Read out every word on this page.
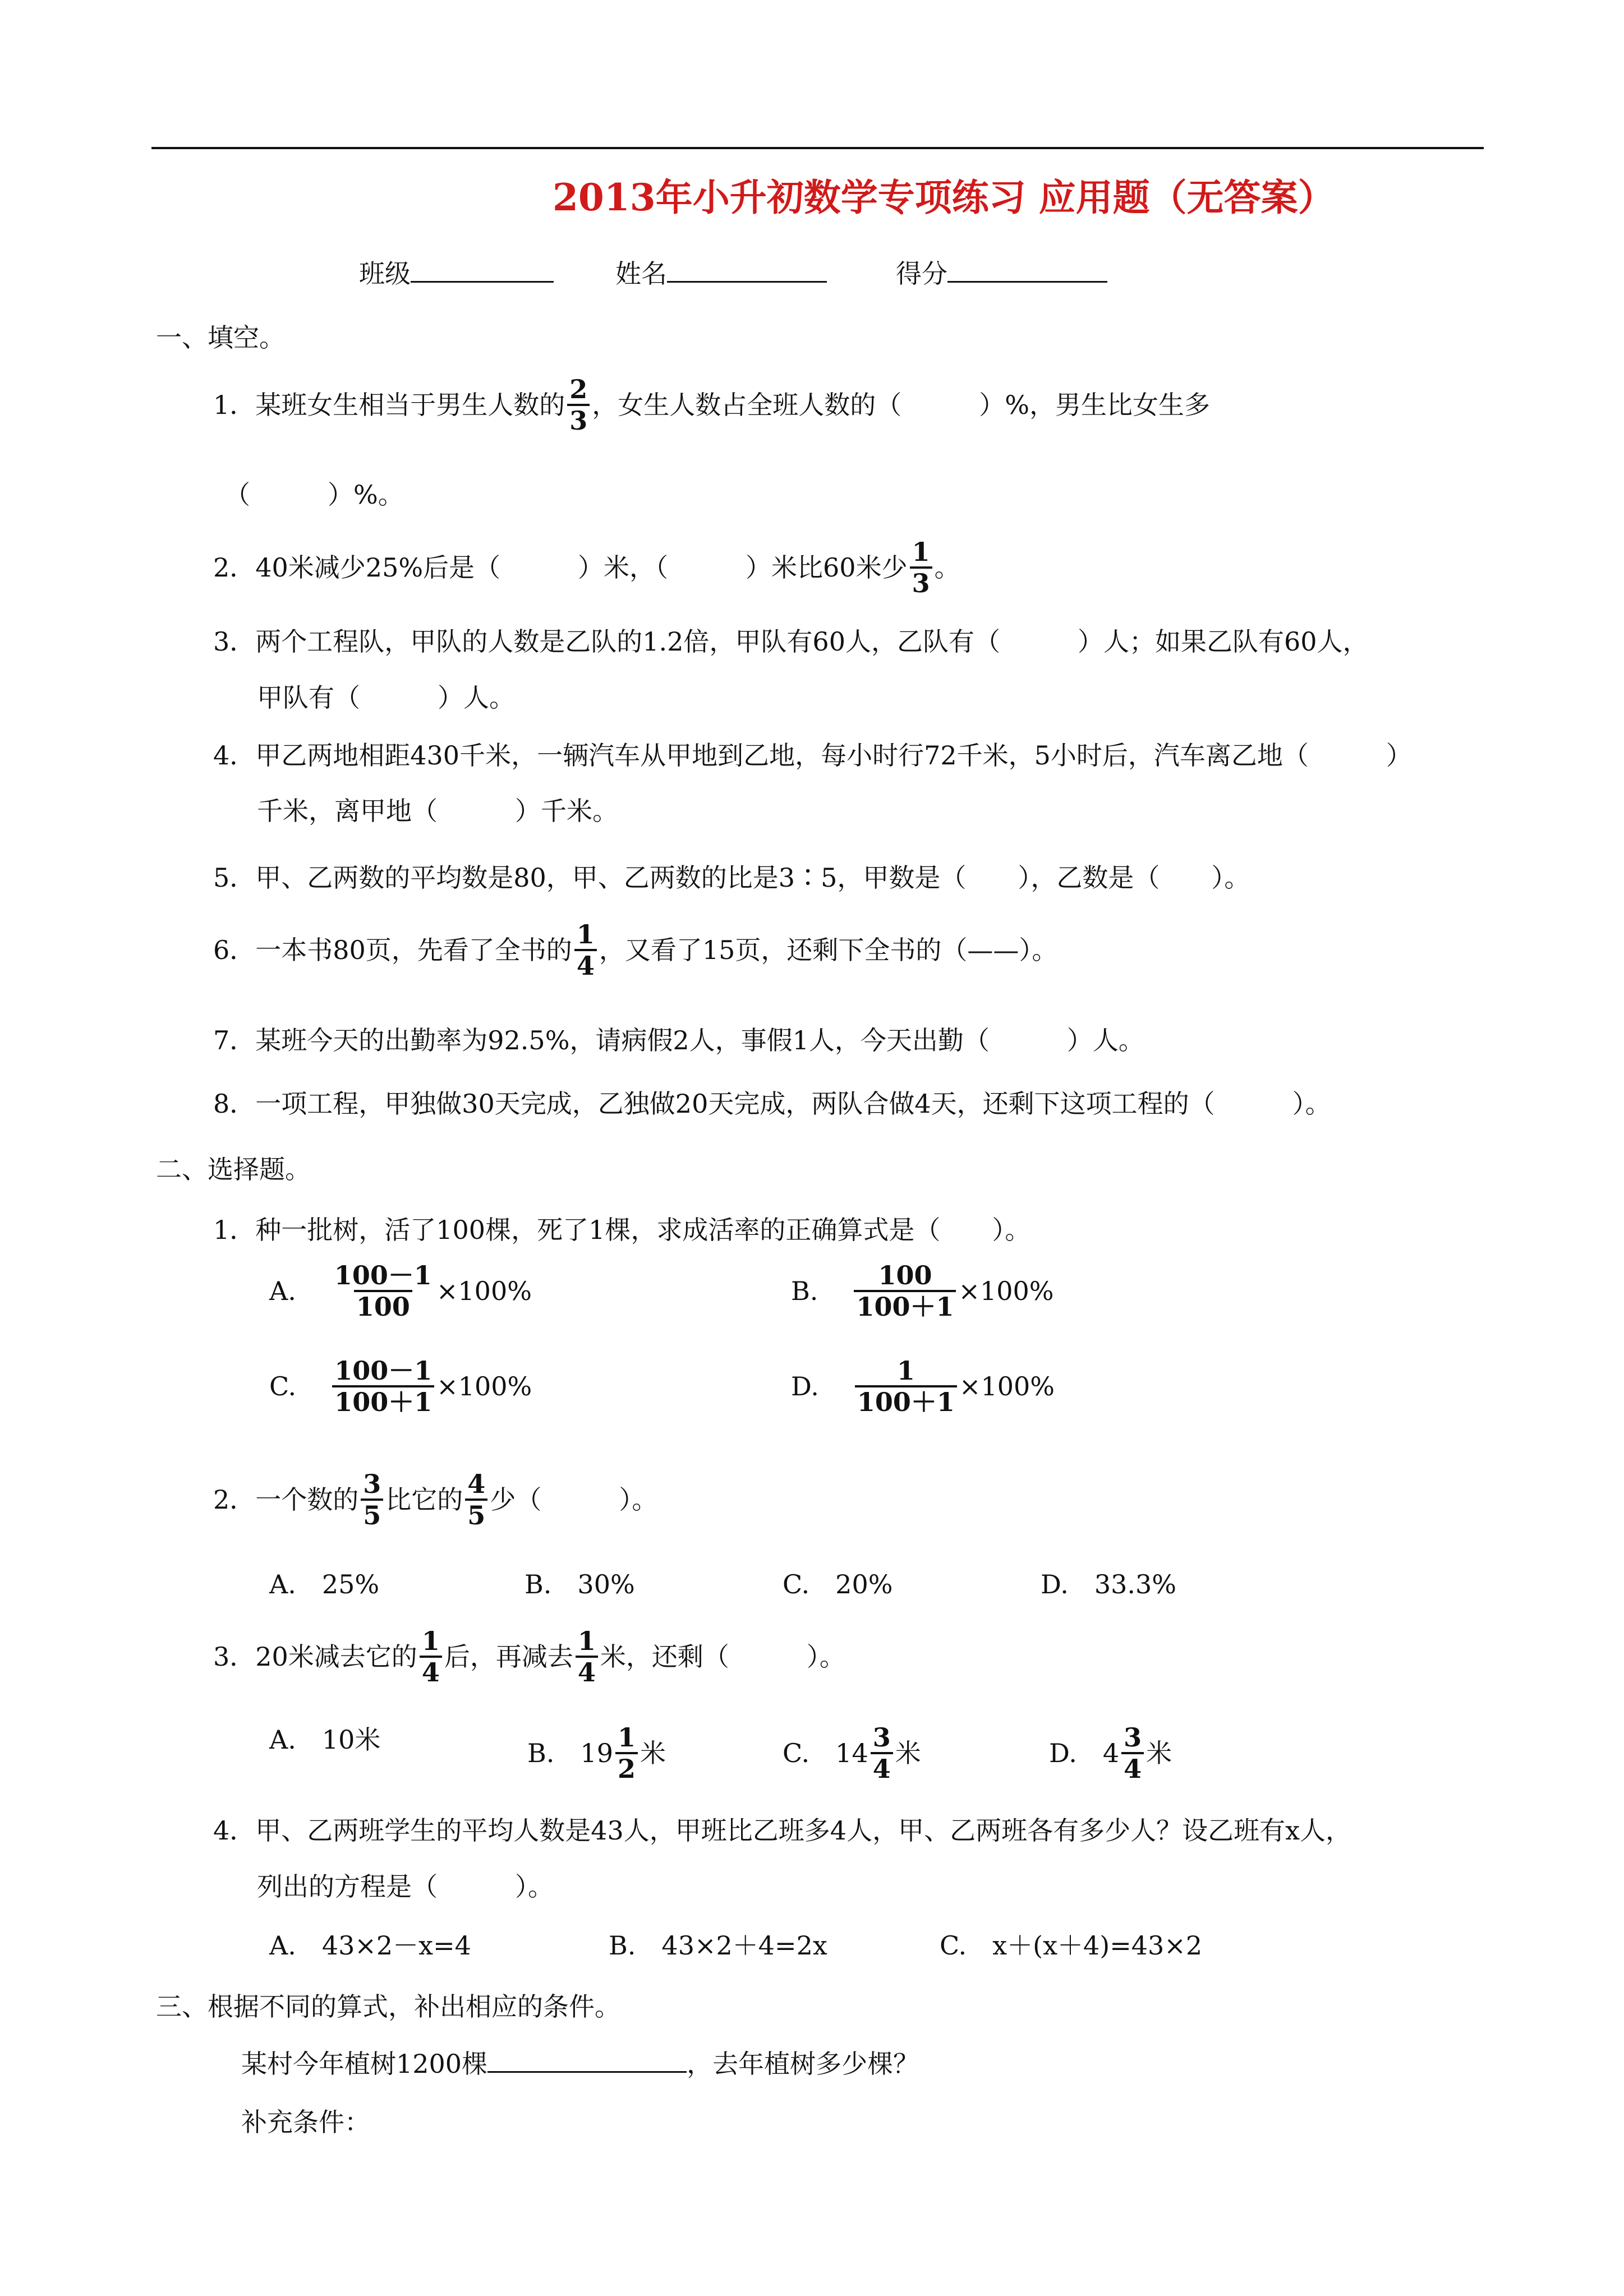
2013年小升初数学专项练习 应用题（无答案）
班级	姓名	得分
一、填空。
1．某班女生相当于男生人数的 $\frac{2}{3}$ ，女生人数占全班人数的（　　　）%，男生比女生多
（　　　）%。
2．40米减少25%后是（　　　）米，（　　　）米比60米少 $\frac{1}{3}$ 。
3．两个工程队，甲队的人数是乙队的1.2倍，甲队有60人，乙队有（　　　）人；如果乙队有60人，
甲队有（　　　）人。
4．甲乙两地相距430千米，一辆汽车从甲地到乙地，每小时行72千米，5小时后，汽车离乙地（　　　）
千米，离甲地（　　　）千米。
5．甲、乙两数的平均数是80，甲、乙两数的比是3∶5，甲数是（　　），乙数是（　　）。
6．一本书80页，先看了全书的 $\frac{1}{4}$ ，又看了15页，还剩下全书的（——）。
7．某班今天的出勤率为92.5%，请病假2人，事假1人，今天出勤（　　　）人。
8．一项工程，甲独做30天完成，乙独做20天完成，两队合做4天，还剩下这项工程的（　　　）。
二、选择题。
1．种一批树，活了100棵，死了1棵，求成活率的正确算式是（　　）。
A. $\frac{100-1}{100} \times 100\%$	B. $\frac{100}{100+1} \times 100\%$
C. $\frac{100-1}{100+1} \times 100\%$	D. $\frac{1}{100+1} \times 100\%$
2．一个数的 $\frac{3}{5}$ 比它的 $\frac{4}{5}$ 少（　　　）。
A.　25%	B.　30%	C.　20%	D.　33.3%
3．20米减去它的 $\frac{1}{4}$ 后，再减去 $\frac{1}{4}$ 米，还剩（　　　）。
A.　10米	B.　$19 \frac{1}{2}$ 米	C.　$14 \frac{3}{4}$ 米	D.　$4 \frac{3}{4}$ 米
4．甲、乙两班学生的平均人数是43人，甲班比乙班多4人，甲、乙两班各有多少人？设乙班有x人，
列出的方程是（　　　）。
A.　43×2－x=4	B.　43×2＋4=2x	C.　x＋(x＋4)=43×2
三、根据不同的算式，补出相应的条件。
某村今年植树1200棵	，去年植树多少棵？
补充条件：
